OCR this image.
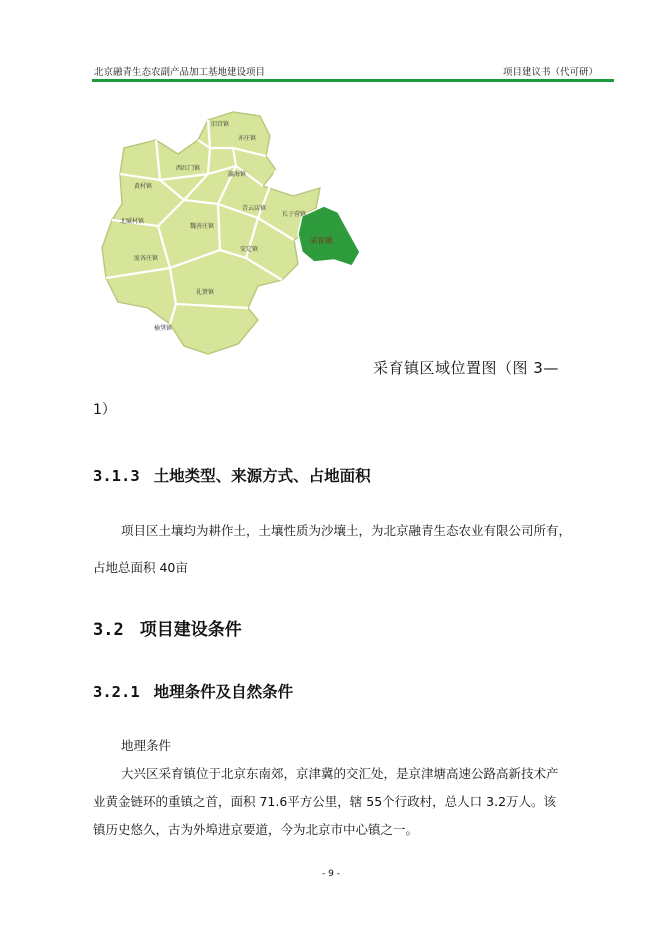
北京融青生态农副产品加工基地建设项目	项目建议书（代可研）
旧宫镇
亦庄镇
西红门镇
瀛海镇
黄村镇
青云店镇
长子营镇
庞各庄镇
魏善庄镇
安定镇
北臧村镇
榆垡镇
礼贤镇
采育镇
采育镇区域位置图（图 3—
1）
3.1.3 土地类型、来源方式、占地面积
项目区土壤均为耕作土，土壤性质为沙壤土，为北京融青生态农业有限公司所有，
占地总面积 40亩
3.2 项目建设条件
3.2.1 地理条件及自然条件
地理条件
大兴区采育镇位于北京东南郊，京津冀的交汇处，是京津塘高速公路高新技术产
业黄金链环的重镇之首，面积 71.6平方公里，辖 55个行政村，总人口 3.2万人。该
镇历史悠久，古为外埠进京要道，今为北京市中心镇之一。
- 9 -
